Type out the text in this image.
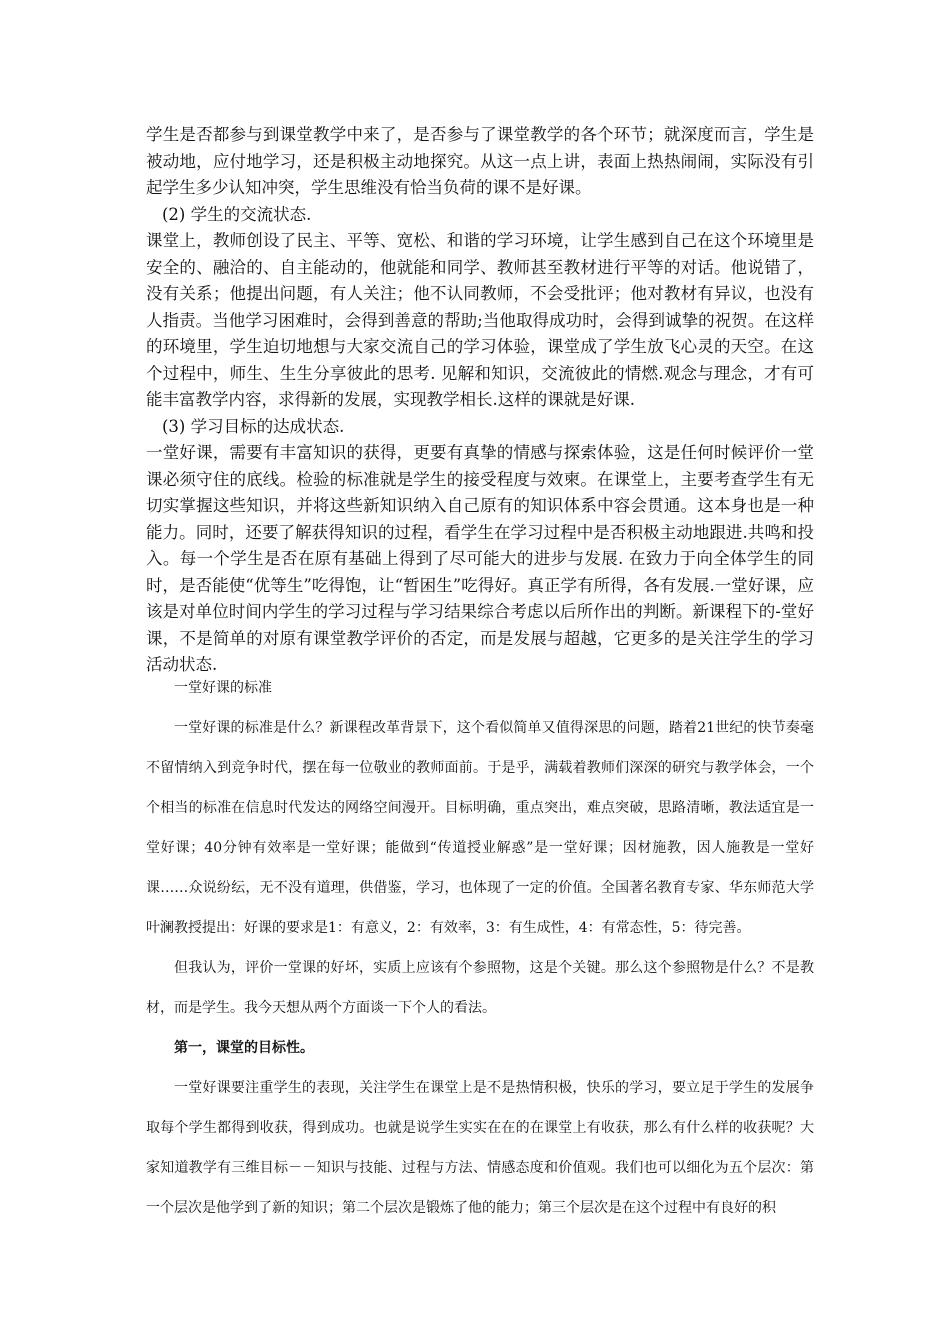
学生是否都参与到课堂教学中来了，是否参与了课堂教学的各个环节；就深度而言，学生是被动地，应付地学习，还是积极主动地探究。从这一点上讲，表面上热热闹闹，实际没有引起学生多少认知冲突，学生思维没有恰当负荷的课不是好课。

(2) 学生的交流状态.

课堂上，教师创设了民主、平等、宽松、和谐的学习环境，让学生感到自己在这个环境里是安全的、融洽的、自主能动的，他就能和同学、教师甚至教材进行平等的对话。他说错了，没有关系；他提出问题，有人关注；他不认同教师，不会受批评；他对教材有异议，也没有人指责。当他学习困难时，会得到善意的帮助;当他取得成功时，会得到诚挚的祝贺。在这样的环境里，学生迫切地想与大家交流自己的学习体验，课堂成了学生放飞心灵的天空。在这个过程中，师生、生生分享彼此的思考. 见解和知识，交流彼此的情燃.观念与理念，才有可能丰富教学内容，求得新的发展，实现教学相长.这样的课就是好课.

(3) 学习目标的达成状态.

一堂好课，需要有丰富知识的获得，更要有真挚的情感与探索体验，这是任何时候评价一堂课必须守住的底线。检验的标准就是学生的接受程度与效柬。在课堂上，主要考查学生有无切实掌握这些知识，并将这些新知识纳入自己原有的知识体系中容会贯通。这本身也是一种能力。同时，还要了解获得知识的过程，看学生在学习过程中是否积极主动地跟进.共鸣和投入。每一个学生是否在原有基础上得到了尽可能大的进步与发展. 在致力于向全体学生的同时，是否能使“优等生”吃得饱，让“暂困生”吃得好。真正学有所得，各有发展.一堂好课，应该是对单位时间内学生的学习过程与学习结果综合考虑以后所作出的判断。新课程下的-堂好课，不是简单的对原有课堂教学评价的否定，而是发展与超越，它更多的是关注学生的学习活动状态.

一堂好课的标准

一堂好课的标准是什么？新课程改革背景下，这个看似简单又值得深思的问题，踏着21世纪的快节奏毫不留情纳入到竞争时代，摆在每一位敬业的教师面前。于是乎，满载着教师们深深的研究与教学体会，一个个相当的标准在信息时代发达的网络空间漫开。目标明确，重点突出，难点突破，思路清晰，教法适宜是一堂好课；40分钟有效率是一堂好课；能做到“传道授业解惑”是一堂好课；因材施教，因人施教是一堂好课……众说纷纭，无不没有道理，供借鉴，学习，也体现了一定的价值。全国著名教育专家、华东师范大学叶澜教授提出：好课的要求是1：有意义，2：有效率，3：有生成性，4：有常态性，5：待完善。

但我认为，评价一堂课的好坏，实质上应该有个参照物，这是个关键。那么这个参照物是什么？不是教材，而是学生。我今天想从两个方面谈一下个人的看法。

第一，课堂的目标性。

一堂好课要注重学生的表现，关注学生在课堂上是不是热情积极，快乐的学习，要立足于学生的发展争取每个学生都得到收获，得到成功。也就是说学生实实在在的在课堂上有收获，那么有什么样的收获呢？大家知道教学有三维目标－－知识与技能、过程与方法、情感态度和价值观。我们也可以细化为五个层次：第一个层次是他学到了新的知识；第二个层次是锻炼了他的能力；第三个层次是在这个过程中有良好的积
